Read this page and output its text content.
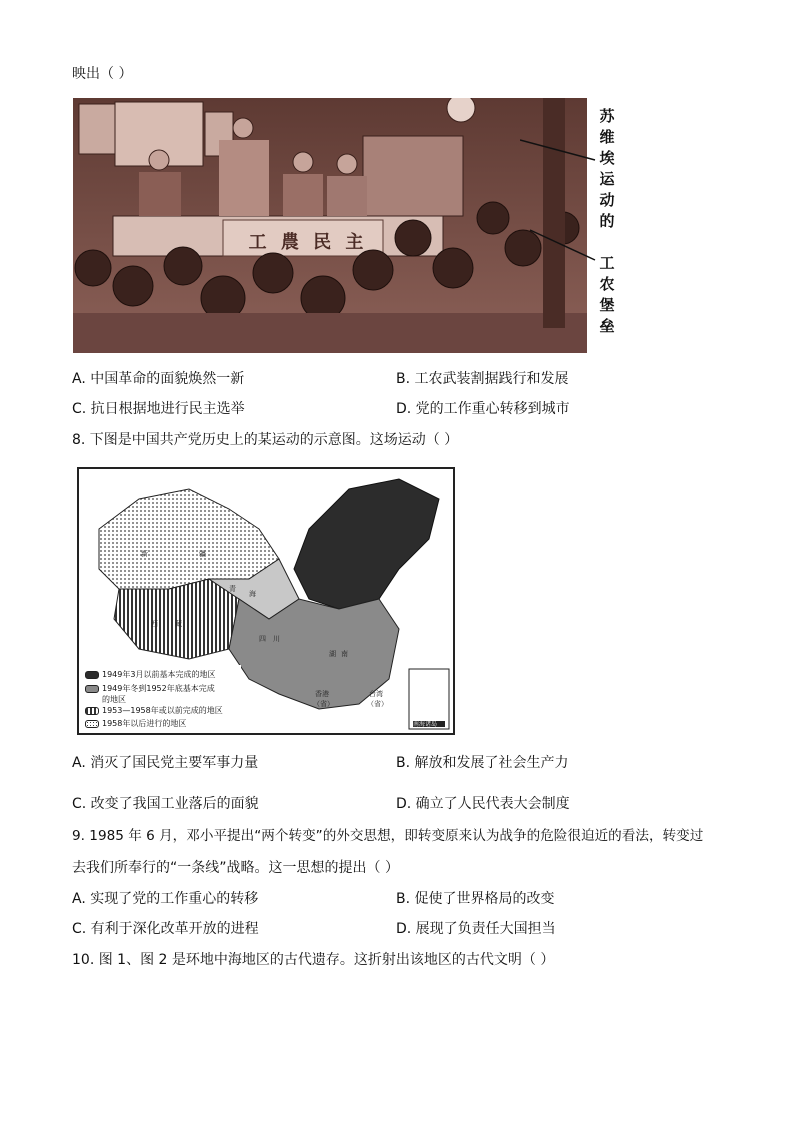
映出（ ）
工 農 民 主
苏
维
埃
运
动
的
工
农
堡
垒
A. 中国革命的面貌焕然一新	B. 工农武装割据践行和发展
C. 抗日根据地进行民主选举	D. 党的工作重心转移到城市
8. 下图是中国共产党历史上的某运动的示意图。这场运动（ ）
新	疆
青
海
西 藏
四 川
湖 南
台湾
（省）
香港
（省）
南海诸岛
1949年3月以前基本完成的地区
1949年冬到1952年底基本完成的地区
1953—1958年或以前完成的地区
1958年以后进行的地区
A. 消灭了国民党主要军事力量	B. 解放和发展了社会生产力
C. 改变了我国工业落后的面貌	D. 确立了人民代表大会制度
9. 1985 年 6 月，邓小平提出“两个转变”的外交思想，即转变原来认为战争的危险很迫近的看法，转变过
去我们所奉行的“一条线”战略。这一思想的提出（ ）
A. 实现了党的工作重心的转移	B. 促使了世界格局的改变
C. 有利于深化改革开放的进程	D. 展现了负责任大国担当
10. 图 1、图 2 是环地中海地区的古代遗存。这折射出该地区的古代文明（ ）
